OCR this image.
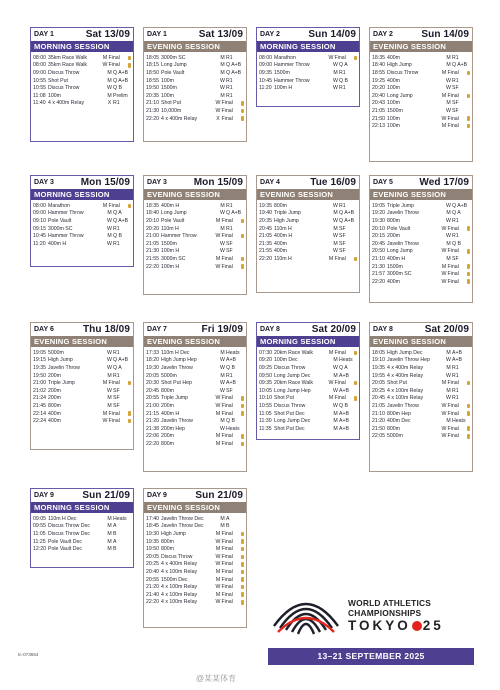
DAY 1	Sat 13/09
MORNING SESSION
08:00 35km Race Walk	M Final
08:00 35km Race Walk	W Final
09:00 Discus Throw	M Q A+B
10:55 Shot Put	M Q A+B
10:55 Discus Throw	W Q B
11:08 100m	M Prelim
11:40 4 x 400m Relay	X R1
DAY 1	Sat 13/09
EVENING SESSION
18:05 3000m SC	M R1
18:15 Long Jump	M Q A+B
18:50 Pole Vault	M Q A+B
18:55 100m	W R1
19:50 1500m	W R1
20:35 100m	M R1
21:10 Shot Put	W Final
21:30 10,000m	W Final
22:20 4 x 400m Relay	X Final
DAY 2	Sun 14/09
MORNING SESSION
08:00 Marathon	W Final
09:00 Hammer Throw	W Q A
09:35 1500m	M R1
10:45 Hammer Throw	W Q B
11:20 100m H	W R1
DAY 2	Sun 14/09
EVENING SESSION
18:35 400m	M R1
18:40 High Jump	M Q A+B
18:55 Discus Throw	M Final
19:25 400m	W R1
20:20 100m	W SF
20:40 Long Jump	M Final
20:43 100m	M SF
21:05 1500m	W SF
21:50 100m	W Final
22:13 100m	M Final
DAY 3	Mon 15/09
MORNING SESSION
08:00 Marathon	M Final
09:00 Hammer Throw	M Q A
09:10 Pole Vault	W Q A+B
09:15 3000m SC	W R1
10:45 Hammer Throw	M Q B
11:20 400m H	W R1
DAY 3	Mon 15/09
EVENING SESSION
18:35 400m H	M R1
18:40 Long Jump	W Q A+B
20:10 Pole Vault	M Final
20:20 110m H	M R1
21:00 Hammer Throw	W Final
21:05 1500m	W SF
21:30 100m H	W SF
21:55 3000m SC	M Final
22:20 100m H	W Final
DAY 4	Tue 16/09
EVENING SESSION
19:35 800m	W R1
19:40 Triple Jump	M Q A+B
20:35 High Jump	W Q A+B
20:45 110m H	M SF
21:05 400m H	W SF
21:35 400m	M SF
21:55 400m	W SF
22:20 110m H	M Final
DAY 5	Wed 17/09
EVENING SESSION
19:05 Triple Jump	W Q A+B
19:20 Javelin Throw	M Q A
19:30 800m	W R1
20:10 Pole Vault	W Final
20:15 200m	W R1
20:45 Javelin Throw	M Q B
20:50 Long Jump	W Final
21:10 400m H	M SF
21:30 1500m	M Final
21:57 3000m SC	W Final
22:20 400m	W Final
DAY 6	Thu 18/09
EVENING SESSION
19:05 5000m	W R1
19:15 High Jump	W Q A+B
19:35 Javelin Throw	W Q A
19:50 200m	M R1
21:00 Triple Jump	M Final
21:02 200m	W SF
21:24 200m	M SF
21:45 800m	M SF
22:14 400m	M Final
22:24 400m	W Final
DAY 7	Fri 19/09
EVENING SESSION
17:33 110m H Dec	M Heats
18:20 High Jump Hep	W A+B
19:30 Javelin Throw	W Q B
20:05 5000m	M R1
20:30 Shot Put Hep	W A+B
20:45 800m	W SF
20:55 Triple Jump	W Final
21:00 200m	W Final
21:15 400m H	M Final
21:20 Javelin Throw	M Q B
21:38 200m Hep	W Heats
22:06 200m	M Final
22:20 800m	M Final
DAY 8	Sat 20/09
MORNING SESSION
07:30 20km Race Walk	M Final
09:20 100m Dec	M Heats
09:25 Discus Throw	W Q A
09:50 Long Jump Dec	M A+B
09:35 20km Race Walk	W Final
10:05 Long Jump Hep	W A+B
10:10 Shot Put	M Final
10:55 Discus Throw	W Q B
11:05 Shot Put Dec	M A+B
11:30 Long Jump Dec	M A+B
11:35 Shot Put Dec	M A+B
DAY 8	Sat 20/09
EVENING SESSION
18:05 High Jump Dec	M A+B
19:10 Javelin Throw Hep	W A+B
19:35 4 x 400m Relay	M R1
19:55 4 x 400m Relay	W R1
20:05 Shot Put	M Final
20:25 4 x 100m Relay	M R1
20:45 4 x 100m Relay	W R1
21:05 Javelin Throw	W Final
21:10 800m Hep	W Final
21:20 400m Dec	M Heats
21:50 800m	W Final
22:05 5000m	W Final
DAY 9	Sun 21/09
MORNING SESSION
09:05 110m H Dec	M Heats
09:55 Discus Throw Dec	M A
11:05 Discus Throw Dec	M B
11:25 Pole Vault Dec	M A
12:20 Pole Vault Dec	M B
DAY 9	Sun 21/09
EVENING SESSION
17:40 Javelin Throw Dec	M A
18:45 Javelin Throw Dec	M B
19:30 High Jump	M Final
19:35 800m	W Final
19:50 800m	M Final
20:05 Discus Throw	W Final
20:25 4 x 400m Relay	W Final
20:40 4 x 100m Relay	M Final
20:55 1500m Dec	M Final
21:20 4 x 100m Relay	W Final
21:40 4 x 100m Relay	M Final
22:20 4 x 100m Relay	W Final
tc-073654
WORLD ATHLETICS
CHAMPIONSHIPS
TOKYO 25
13–21 SEPTEMBER 2025
@某某体育
